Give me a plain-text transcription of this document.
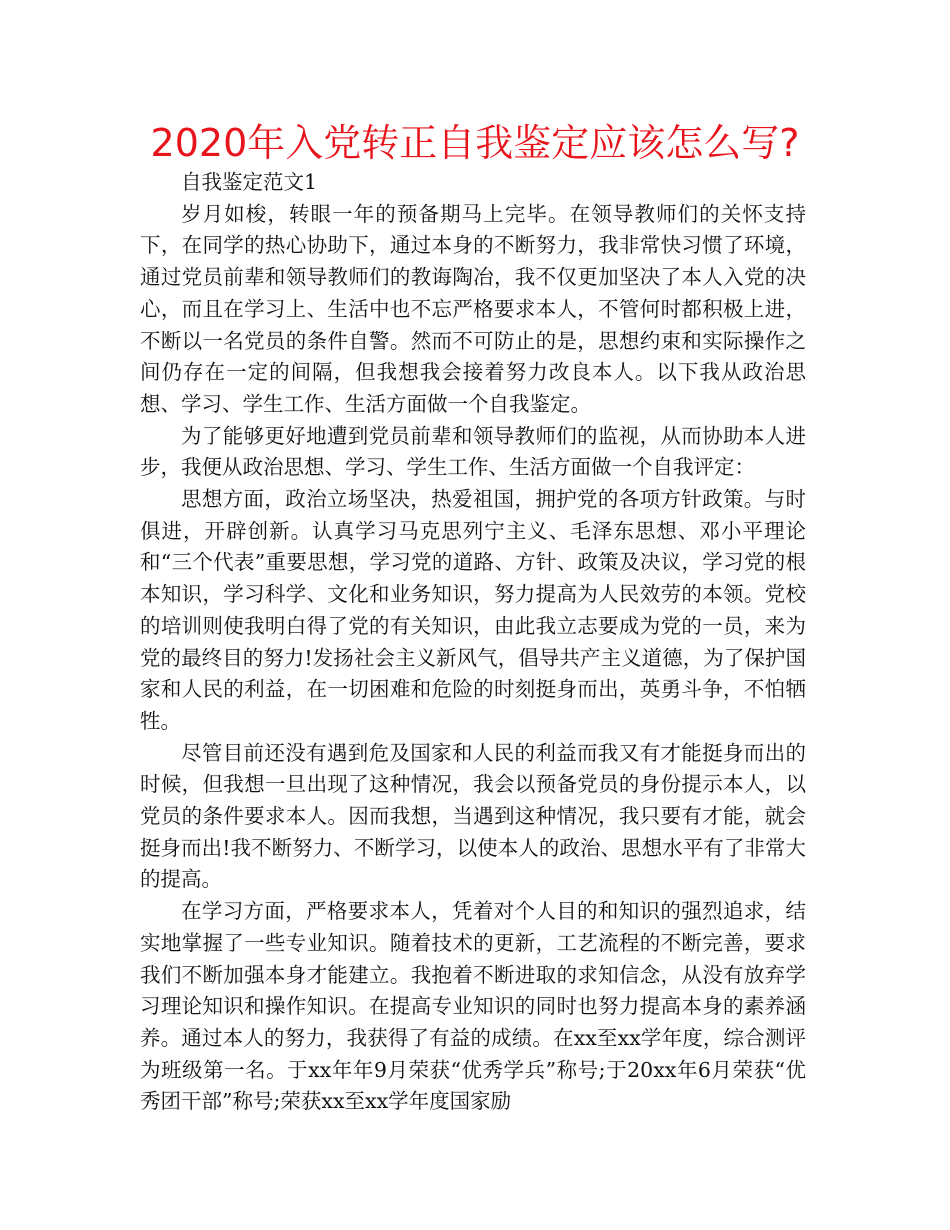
2020年入党转正自我鉴定应该怎么写?

自我鉴定范文1

岁月如梭，转眼一年的预备期马上完毕。在领导教师们的关怀支持下，在同学的热心协助下，通过本身的不断努力，我非常快习惯了环境，通过党员前辈和领导教师们的教诲陶冶，我不仅更加坚决了本人入党的决心，而且在学习上、生活中也不忘严格要求本人，不管何时都积极上进，不断以一名党员的条件自警。然而不可防止的是，思想约束和实际操作之间仍存在一定的间隔，但我想我会接着努力改良本人。以下我从政治思想、学习、学生工作、生活方面做一个自我鉴定。

为了能够更好地遭到党员前辈和领导教师们的监视，从而协助本人进步，我便从政治思想、学习、学生工作、生活方面做一个自我评定：

思想方面，政治立场坚决，热爱祖国，拥护党的各项方针政策。与时俱进，开辟创新。认真学习马克思列宁主义、毛泽东思想、邓小平理论和“三个代表”重要思想，学习党的道路、方针、政策及决议，学习党的根本知识，学习科学、文化和业务知识，努力提高为人民效劳的本领。党校的培训则使我明白得了党的有关知识，由此我立志要成为党的一员，来为党的最终目的努力!发扬社会主义新风气，倡导共产主义道德，为了保护国家和人民的利益，在一切困难和危险的时刻挺身而出，英勇斗争，不怕牺牲。

尽管目前还没有遇到危及国家和人民的利益而我又有才能挺身而出的时候，但我想一旦出现了这种情况，我会以预备党员的身份提示本人，以党员的条件要求本人。因而我想，当遇到这种情况，我只要有才能，就会挺身而出!我不断努力、不断学习，以使本人的政治、思想水平有了非常大的提高。

在学习方面，严格要求本人，凭着对个人目的和知识的强烈追求，结实地掌握了一些专业知识。随着技术的更新，工艺流程的不断完善，要求我们不断加强本身才能建立。我抱着不断进取的求知信念，从没有放弃学习理论知识和操作知识。在提高专业知识的同时也努力提高本身的素养涵养。通过本人的努力，我获得了有益的成绩。在xx至xx学年度，综合测评为班级第一名。于xx年年9月荣获“优秀学兵”称号;于20xx年6月荣获“优秀团干部”称号;荣获xx至xx学年度国家励
